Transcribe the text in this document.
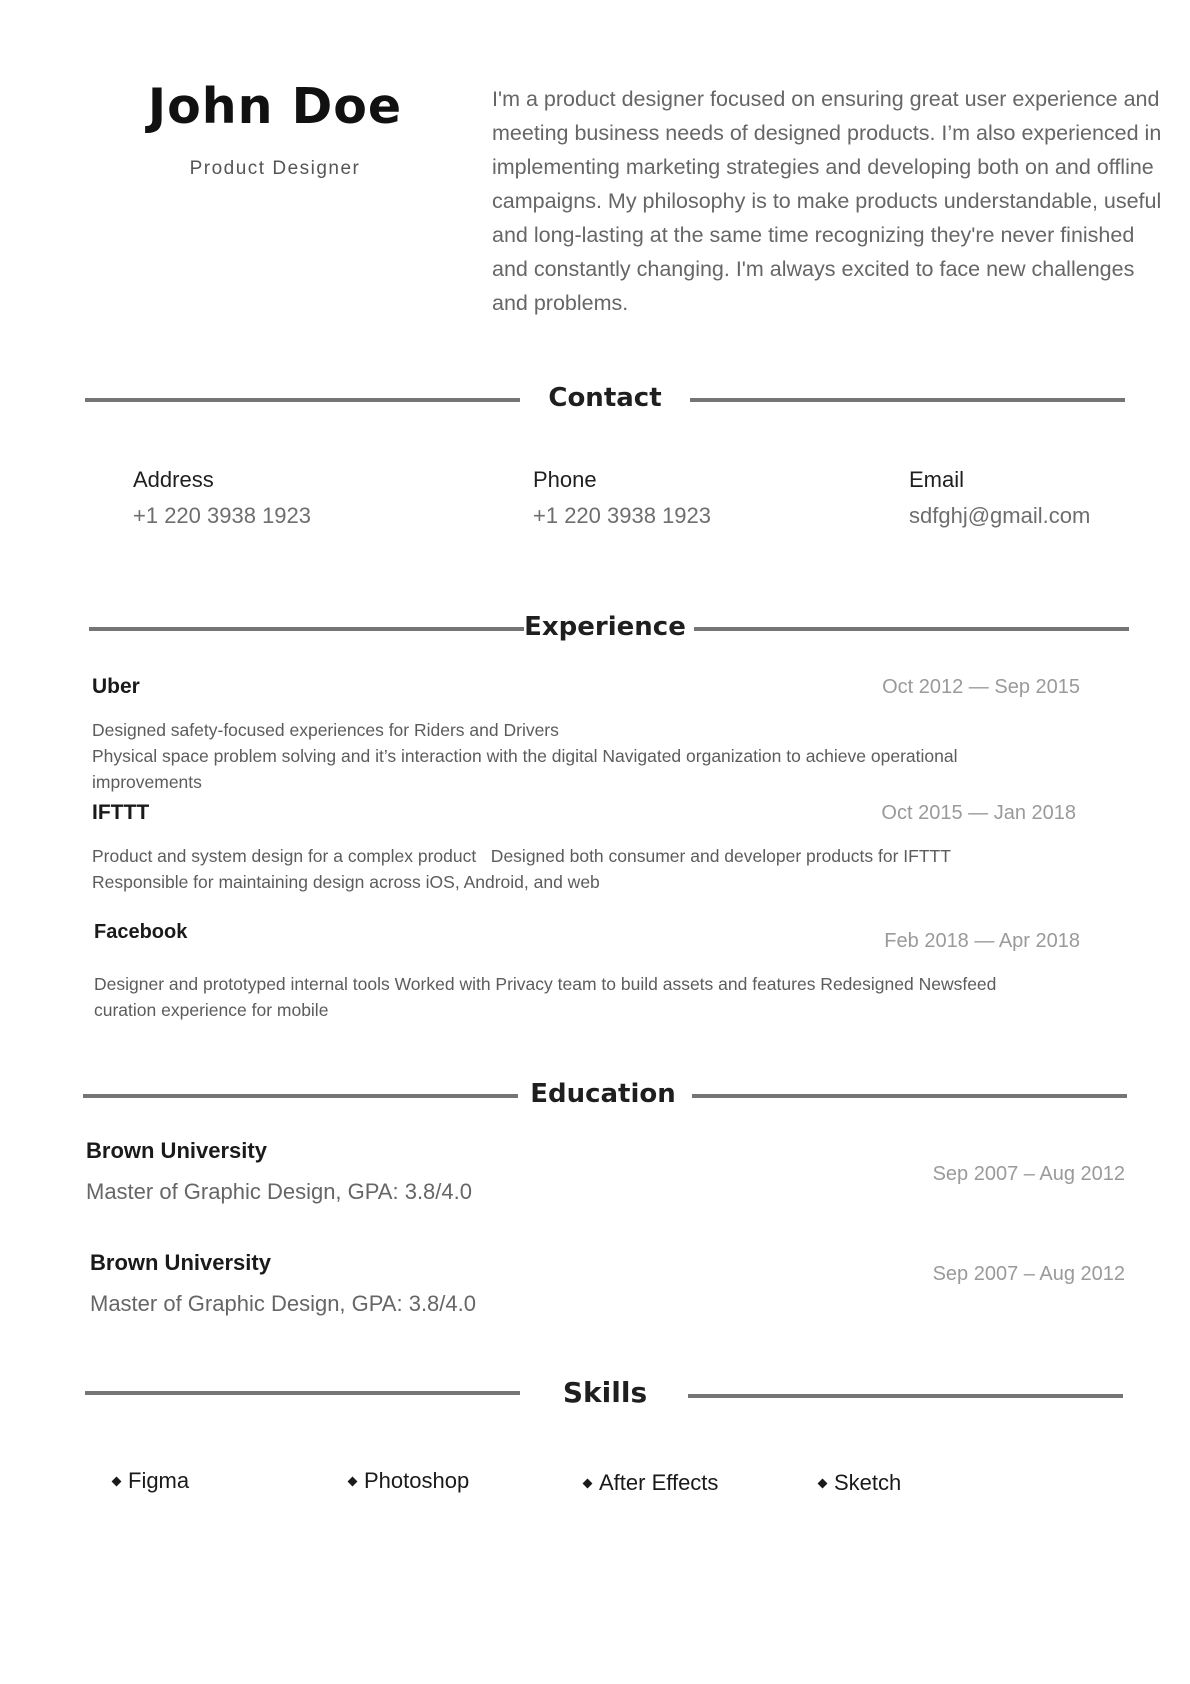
John Doe
Product Designer
I'm a product designer focused on ensuring great user experience and meeting business needs of designed products. I’m also experienced in implementing marketing strategies and developing both on and offline campaigns. My philosophy is to make products understandable, useful and long-lasting at the same time recognizing they're never finished and constantly changing. I'm always excited to face new challenges and problems.
Contact
Address
+1 220 3938 1923
Phone
+1 220 3938 1923
Email
sdfghj@gmail.com
Experience
Uber	Oct 2012 — Sep 2015
Designed safety-focused experiences for Riders and Drivers
Physical space problem solving and it’s interaction with the digital Navigated organization to achieve operational
improvements
IFTTT	Oct 2015 — Jan 2018
Product and system design for a complex product   Designed both consumer and developer products for IFTTT
Responsible for maintaining design across iOS, Android, and web
Facebook	Feb 2018 — Apr 2018
Designer and prototyped internal tools Worked with Privacy team to build assets and features Redesigned Newsfeed
curation experience for mobile
Education
Brown University
Master of Graphic Design, GPA: 3.8/4.0
Sep 2007 – Aug 2012
Brown University
Master of Graphic Design, GPA: 3.8/4.0
Sep 2007 – Aug 2012
Skills
Figma	Photoshop	After Effects	Sketch
